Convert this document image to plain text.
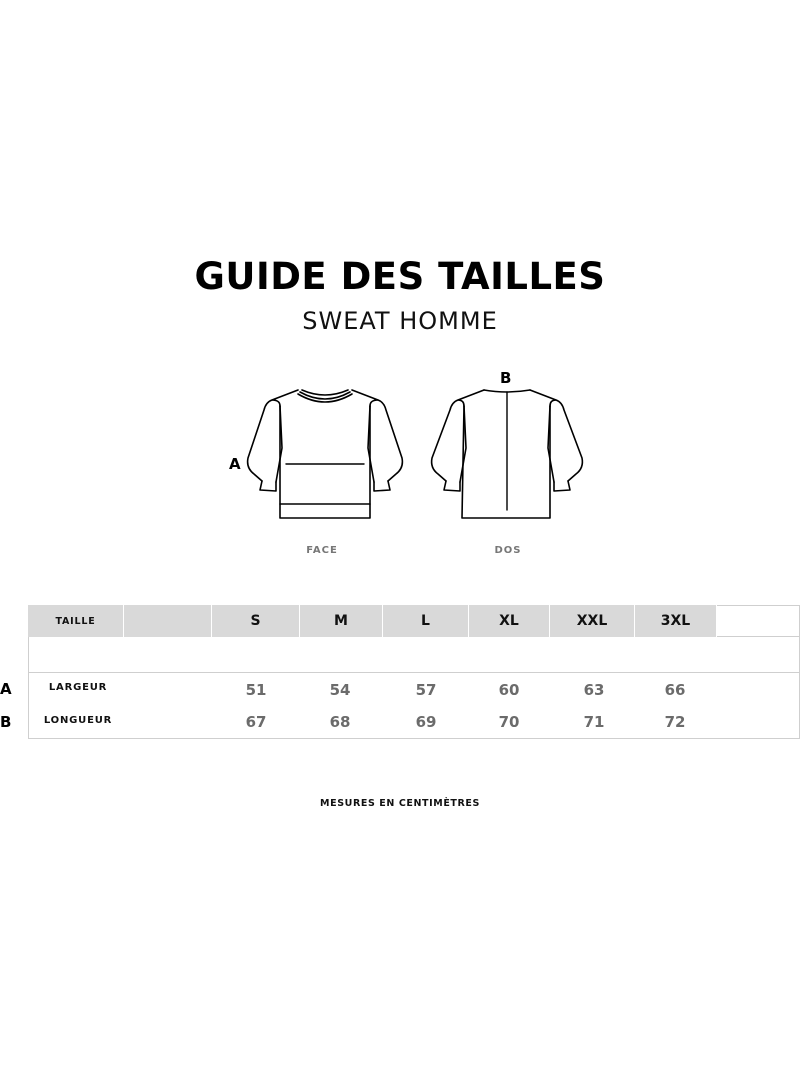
GUIDE DES TAILLES
SWEAT HOMME
A
FACE
B
DOS
TAILLE	S	M	L	XL	XXL	3XL
LARGEUR	51	54	57	60	63	66
LONGUEUR	67	68	69	70	71	72
A
B
MESURES EN CENTIMÈTRES
